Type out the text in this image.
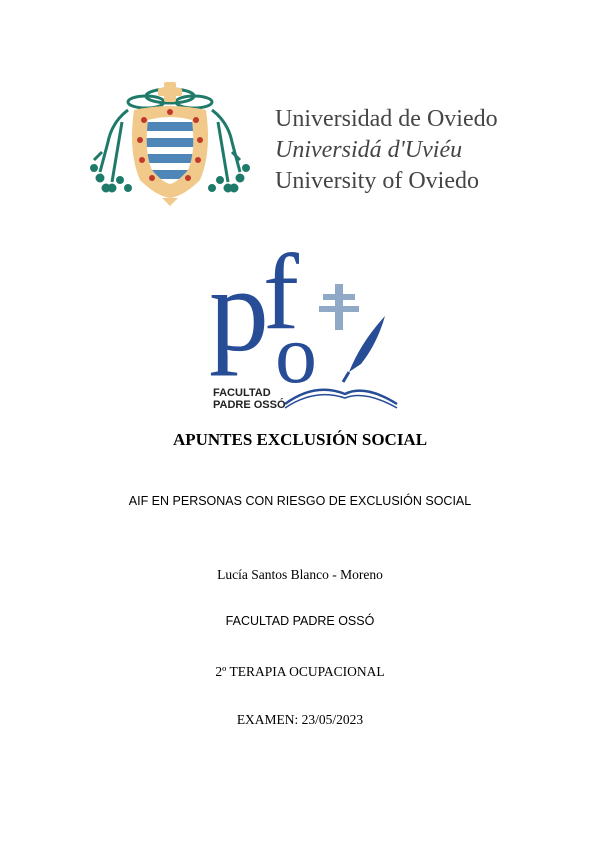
Universidad de Oviedo
Universidá d'Uviéu
University of Oviedo
p
f
o
FACULTAD
PADRE OSSÓ
APUNTES EXCLUSIÓN SOCIAL
AIF EN PERSONAS CON RIESGO DE EXCLUSIÓN SOCIAL
Lucía Santos Blanco - Moreno
FACULTAD PADRE OSSÓ
2º TERAPIA OCUPACIONAL
EXAMEN: 23/05/2023
